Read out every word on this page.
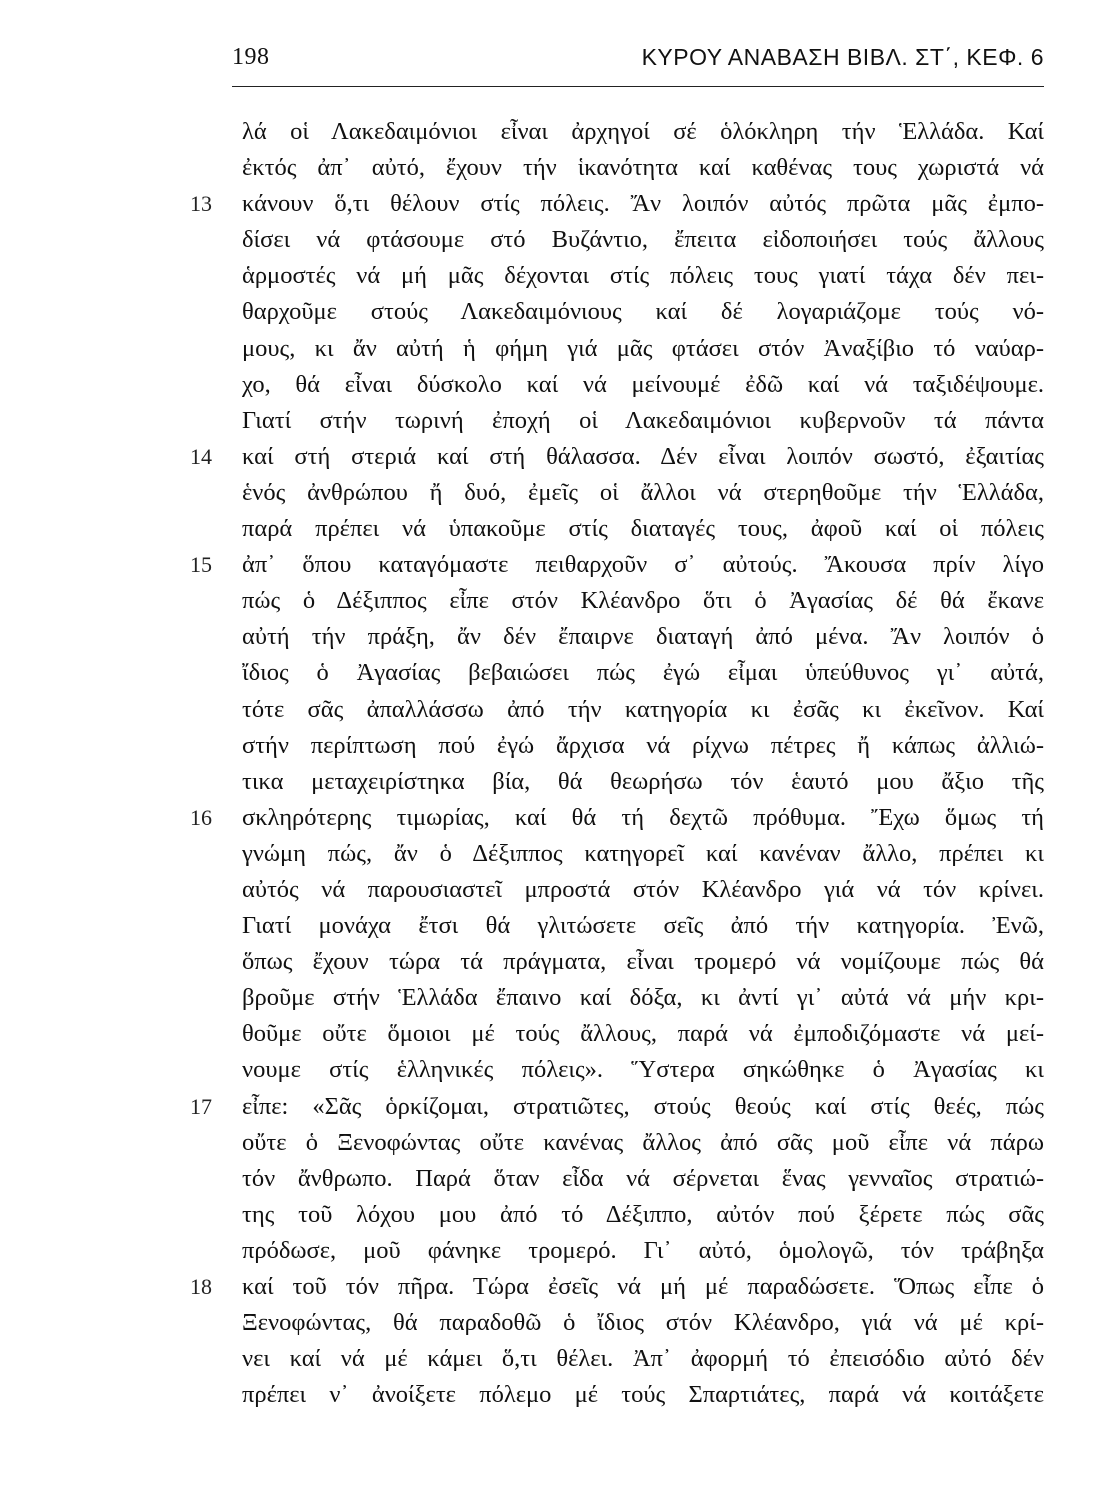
198	ΚΥΡΟΥ ΑΝΑΒΑΣΗ ΒΙΒΛ. ΣΤ΄, ΚΕΦ. 6
λά οἱ Λακεδαιμόνιοι εἶναι ἀρχηγοί σέ ὁλόκληρη τήν Ἑλλάδα. Καί
ἐκτός ἀπ᾽ αὐτό, ἔχουν τήν ἱκανότητα καί καθένας τους χωριστά νά
13	κάνουν ὅ,τι θέλουν στίς πόλεις. Ἄν λοιπόν αὐτός πρῶτα μᾶς ἐμπο-
δίσει νά φτάσουμε στό Βυζάντιο, ἔπειτα εἰδοποιήσει τούς ἄλλους
ἁρμοστές νά μή μᾶς δέχονται στίς πόλεις τους γιατί τάχα δέν πει-
θαρχοῦμε στούς Λακεδαιμόνιους καί δέ λογαριάζομε τούς νό-
μους, κι ἄν αὐτή ἡ φήμη γιά μᾶς φτάσει στόν Ἀναξίβιο τό ναύαρ-
χο, θά εἶναι δύσκολο καί νά μείνουμέ ἐδῶ καί νά ταξιδέψουμε.
Γιατί στήν τωρινή ἐποχή οἱ Λακεδαιμόνιοι κυβερνοῦν τά πάντα
14	καί στή στεριά καί στή θάλασσα. Δέν εἶναι λοιπόν σωστό, ἐξαιτίας
ἑνός ἀνθρώπου ἤ δυό, ἐμεῖς οἱ ἄλλοι νά στερηθοῦμε τήν Ἑλλάδα,
παρά πρέπει νά ὑπακοῦμε στίς διαταγές τους, ἀφοῦ καί οἱ πόλεις
15	ἀπ᾽ ὅπου καταγόμαστε πειθαρχοῦν σ᾽ αὐτούς. Ἄκουσα πρίν λίγο
πώς ὁ Δέξιππος εἶπε στόν Κλέανδρο ὅτι ὁ Ἀγασίας δέ θά ἔκανε
αὐτή τήν πράξη, ἄν δέν ἔπαιρνε διαταγή ἀπό μένα. Ἄν λοιπόν ὁ
ἴδιος ὁ Ἀγασίας βεβαιώσει πώς ἐγώ εἶμαι ὑπεύθυνος γι᾽ αὐτά,
τότε σᾶς ἀπαλλάσσω ἀπό τήν κατηγορία κι ἐσᾶς κι ἐκεῖνον. Καί
στήν περίπτωση πού ἐγώ ἄρχισα νά ρίχνω πέτρες ἤ κάπως ἀλλιώ-
τικα μεταχειρίστηκα βία, θά θεωρήσω τόν ἑαυτό μου ἄξιο τῆς
16	σκληρότερης τιμωρίας, καί θά τή δεχτῶ πρόθυμα. Ἔχω ὅμως τή
γνώμη πώς, ἄν ὁ Δέξιππος κατηγορεῖ καί κανέναν ἄλλο, πρέπει κι
αὐτός νά παρουσιαστεῖ μπροστά στόν Κλέανδρο γιά νά τόν κρίνει.
Γιατί μονάχα ἔτσι θά γλιτώσετε σεῖς ἀπό τήν κατηγορία. Ἐνῶ,
ὅπως ἔχουν τώρα τά πράγματα, εἶναι τρομερό νά νομίζουμε πώς θά
βροῦμε στήν Ἑλλάδα ἔπαινο καί δόξα, κι ἀντί γι᾽ αὐτά νά μήν κρι-
θοῦμε οὔτε ὅμοιοι μέ τούς ἄλλους, παρά νά ἐμποδιζόμαστε νά μεί-
νουμε στίς ἑλληνικές πόλεις». Ὕστερα σηκώθηκε ὁ Ἀγασίας κι
17	εἶπε: «Σᾶς ὁρκίζομαι, στρατιῶτες, στούς θεούς καί στίς θεές, πώς
οὔτε ὁ Ξενοφώντας οὔτε κανένας ἄλλος ἀπό σᾶς μοῦ εἶπε νά πάρω
τόν ἄνθρωπο. Παρά ὅταν εἶδα νά σέρνεται ἕνας γενναῖος στρατιώ-
της τοῦ λόχου μου ἀπό τό Δέξιππο, αὐτόν πού ξέρετε πώς σᾶς
πρόδωσε, μοῦ φάνηκε τρομερό. Γι᾽ αὐτό, ὁμολογῶ, τόν τράβηξα
18	καί τοῦ τόν πῆρα. Τώρα ἐσεῖς νά μή μέ παραδώσετε. Ὅπως εἶπε ὁ
Ξενοφώντας, θά παραδοθῶ ὁ ἴδιος στόν Κλέανδρο, γιά νά μέ κρί-
νει καί νά μέ κάμει ὅ,τι θέλει. Ἀπ᾽ ἀφορμή τό ἐπεισόδιο αὐτό δέν
πρέπει ν᾽ ἀνοίξετε πόλεμο μέ τούς Σπαρτιάτες, παρά νά κοιτάξετε
